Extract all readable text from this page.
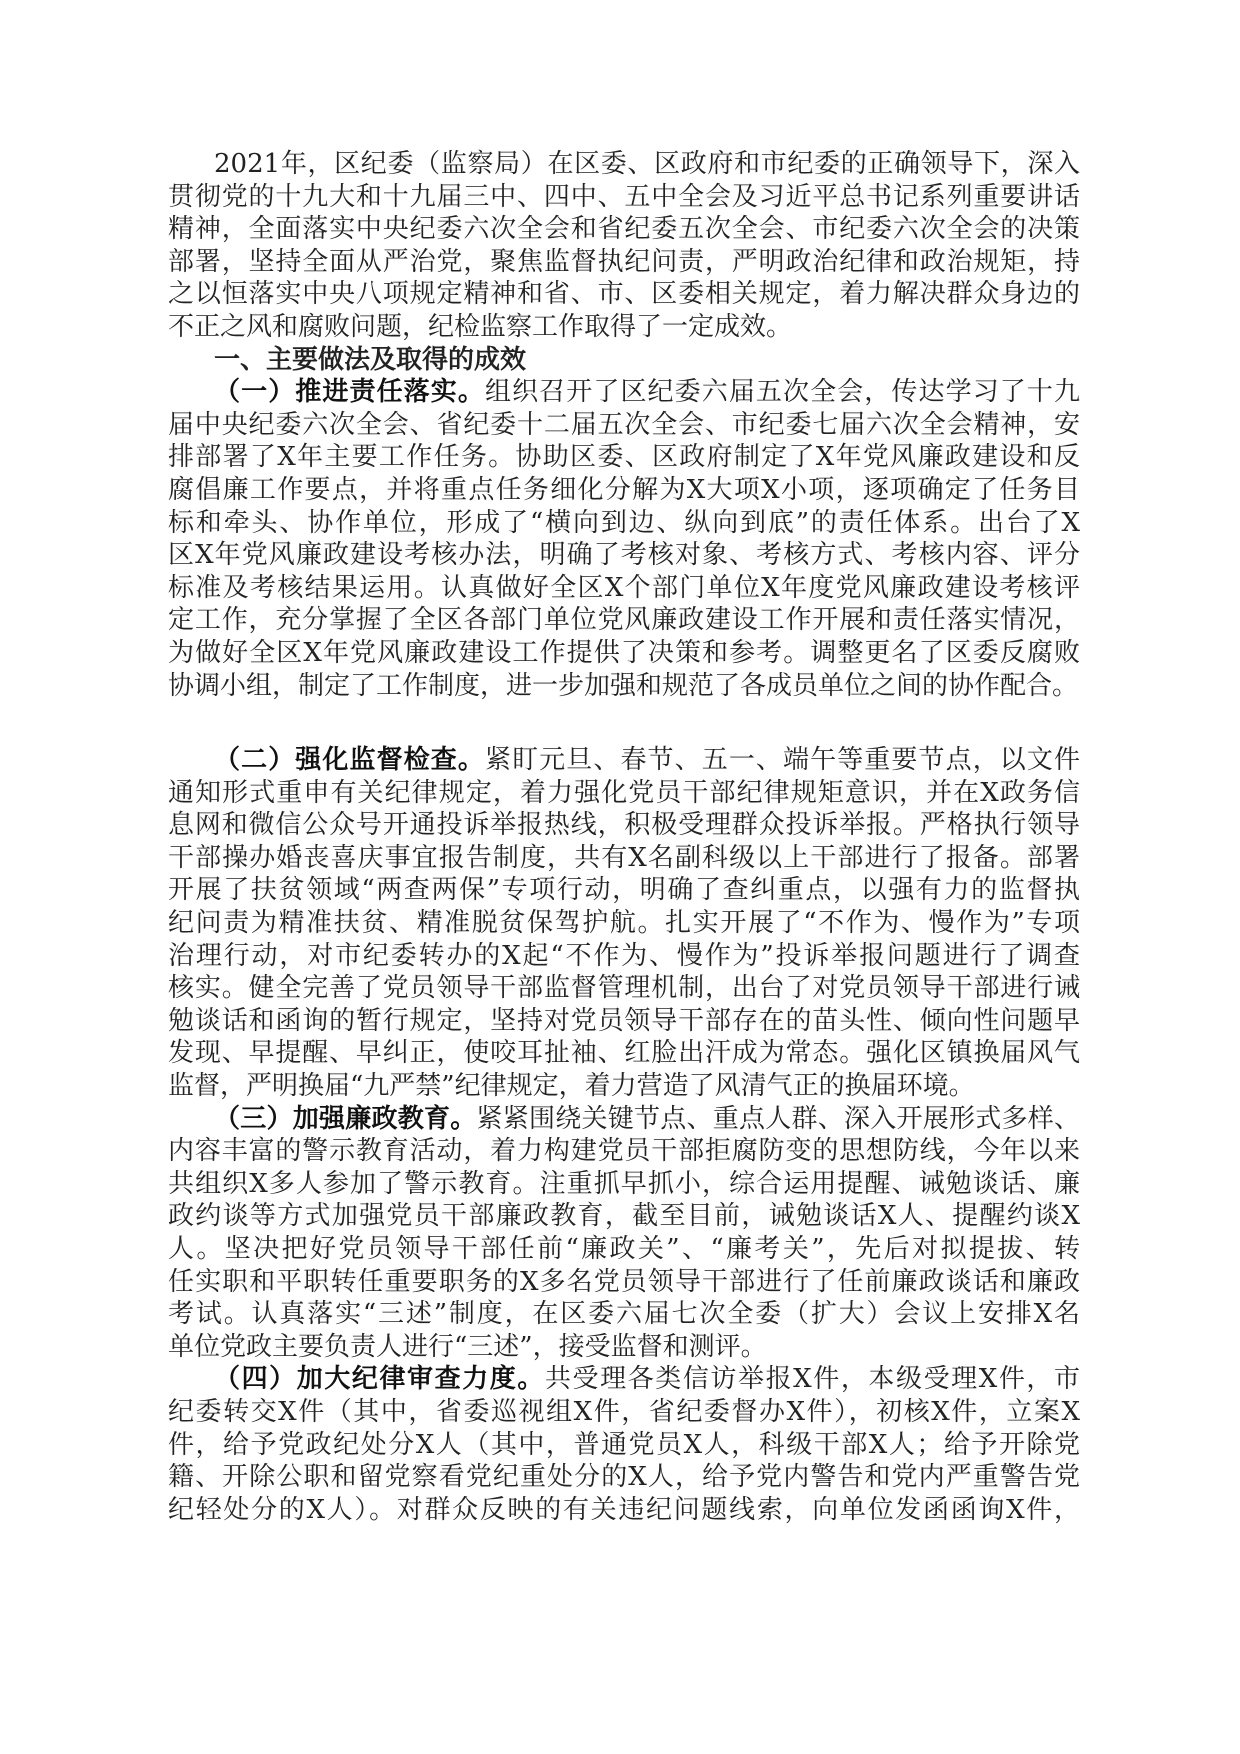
2021年，区纪委（监察局）在区委、区政府和市纪委的正确领导下，深入
贯彻党的十九大和十九届三中、四中、五中全会及习近平总书记系列重要讲话
精神，全面落实中央纪委六次全会和省纪委五次全会、市纪委六次全会的决策
部署，坚持全面从严治党，聚焦监督执纪问责，严明政治纪律和政治规矩，持
之以恒落实中央八项规定精神和省、市、区委相关规定，着力解决群众身边的
不正之风和腐败问题，纪检监察工作取得了一定成效。
一、主要做法及取得的成效
（一）推进责任落实。组织召开了区纪委六届五次全会，传达学习了十九
届中央纪委六次全会、省纪委十二届五次全会、市纪委七届六次全会精神，安
排部署了X年主要工作任务。协助区委、区政府制定了X年党风廉政建设和反
腐倡廉工作要点，并将重点任务细化分解为X大项X小项，逐项确定了任务目
标和牵头、协作单位，形成了“横向到边、纵向到底”的责任体系。出台了X
区X年党风廉政建设考核办法，明确了考核对象、考核方式、考核内容、评分
标准及考核结果运用。认真做好全区X个部门单位X年度党风廉政建设考核评
定工作，充分掌握了全区各部门单位党风廉政建设工作开展和责任落实情况，
为做好全区X年党风廉政建设工作提供了决策和参考。调整更名了区委反腐败
协调小组，制定了工作制度，进一步加强和规范了各成员单位之间的协作配合。
（二）强化监督检查。紧盯元旦、春节、五一、端午等重要节点，以文件
通知形式重申有关纪律规定，着力强化党员干部纪律规矩意识，并在X政务信
息网和微信公众号开通投诉举报热线，积极受理群众投诉举报。严格执行领导
干部操办婚丧喜庆事宜报告制度，共有X名副科级以上干部进行了报备。部署
开展了扶贫领域“两查两保”专项行动，明确了查纠重点，以强有力的监督执
纪问责为精准扶贫、精准脱贫保驾护航。扎实开展了“不作为、慢作为”专项
治理行动，对市纪委转办的X起“不作为、慢作为”投诉举报问题进行了调查
核实。健全完善了党员领导干部监督管理机制，出台了对党员领导干部进行诫
勉谈话和函询的暂行规定，坚持对党员领导干部存在的苗头性、倾向性问题早
发现、早提醒、早纠正，使咬耳扯袖、红脸出汗成为常态。强化区镇换届风气
监督，严明换届“九严禁”纪律规定，着力营造了风清气正的换届环境。
（三）加强廉政教育。紧紧围绕关键节点、重点人群、深入开展形式多样、
内容丰富的警示教育活动，着力构建党员干部拒腐防变的思想防线，今年以来
共组织X多人参加了警示教育。注重抓早抓小，综合运用提醒、诫勉谈话、廉
政约谈等方式加强党员干部廉政教育，截至目前，诫勉谈话X人、提醒约谈X
人。坚决把好党员领导干部任前“廉政关”、“廉考关”，先后对拟提拔、转
任实职和平职转任重要职务的X多名党员领导干部进行了任前廉政谈话和廉政
考试。认真落实“三述”制度，在区委六届七次全委（扩大）会议上安排X名
单位党政主要负责人进行“三述”，接受监督和测评。
（四）加大纪律审查力度。共受理各类信访举报X件，本级受理X件，市
纪委转交X件（其中，省委巡视组X件，省纪委督办X件），初核X件，立案X
件，给予党政纪处分X人（其中，普通党员X人，科级干部X人；给予开除党
籍、开除公职和留党察看党纪重处分的X人，给予党内警告和党内严重警告党
纪轻处分的X人）。对群众反映的有关违纪问题线索，向单位发函函询X件，
